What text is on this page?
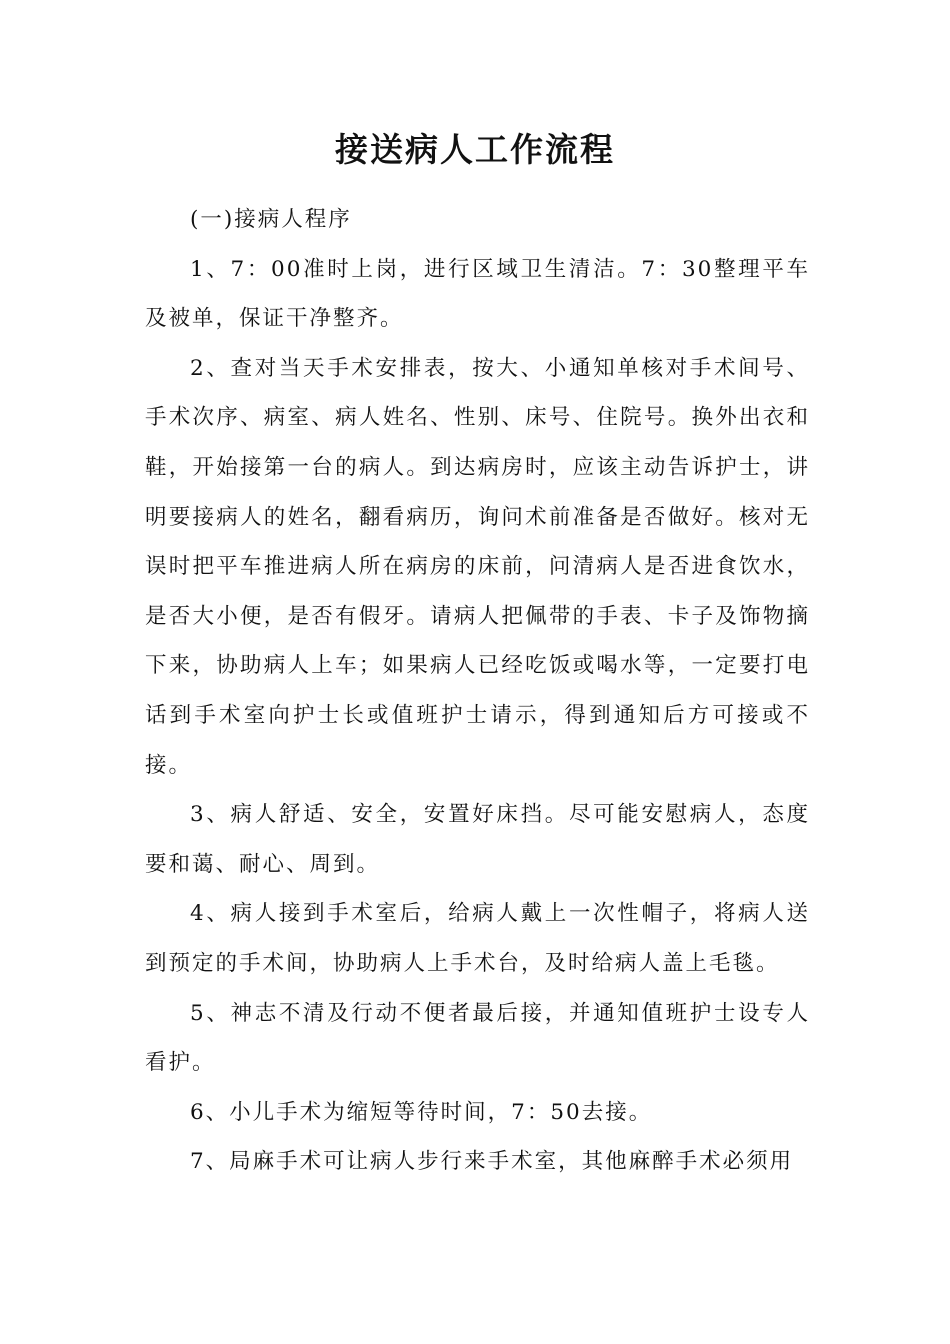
接送病人工作流程

(一)接病人程序

1、7：00准时上岗，进行区域卫生清洁。7：30整理平车及被单，保证干净整齐。

2、查对当天手术安排表，按大、小通知单核对手术间号、手术次序、病室、病人姓名、性别、床号、住院号。换外出衣和鞋，开始接第一台的病人。到达病房时，应该主动告诉护士，讲明要接病人的姓名，翻看病历，询问术前准备是否做好。核对无误时把平车推进病人所在病房的床前，问清病人是否进食饮水，是否大小便，是否有假牙。请病人把佩带的手表、卡子及饰物摘下来，协助病人上车；如果病人已经吃饭或喝水等，一定要打电话到手术室向护士长或值班护士请示，得到通知后方可接或不接。

3、病人舒适、安全，安置好床挡。尽可能安慰病人，态度要和蔼、耐心、周到。

4、病人接到手术室后，给病人戴上一次性帽子，将病人送到预定的手术间，协助病人上手术台，及时给病人盖上毛毯。

5、神志不清及行动不便者最后接，并通知值班护士设专人看护。

6、小儿手术为缩短等待时间，7：50去接。

7、局麻手术可让病人步行来手术室，其他麻醉手术必须用
